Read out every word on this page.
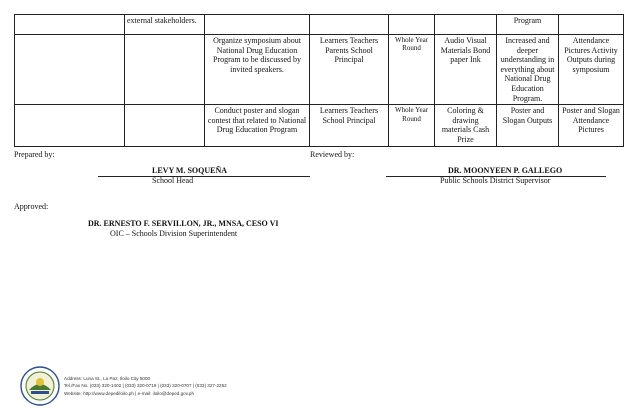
	external stakeholders.					Program	
		Organize symposium about National Drug Education Program to be discussed by invited speakers.	Learners Teachers Parents School Principal	Whole Year Round	Audio Visual Materials Bond paper Ink	Increased and deeper understanding in everything about National Drug Education Program.	Attendance Pictures Activity Outputs during symposium
		Conduct poster and slogan contest that related to National Drug Education Program	Learners Teachers School Principal	Whole Year Round	Coloring & drawing materials Cash Prize	Poster and Slogan Outputs	Poster and Slogan Attendance Pictures
Prepared by:
LEVY M. SOQUEÑA
School Head
Reviewed by:
DR. MOONYEEN P. GALLEGO
Public Schools District Supervisor
Approved:
DR. ERNESTO F. SERVILLON, JR., MNSA, CESO VI
OIC – Schools Division Superintendent
Address: Luna St., La Paz, Iloilo City 5000
Tel./Fax No. (033) 320-1402 | (033) 320-0719 | (033) 320-0707 | (033) 327-2252
Website: http://www.depediloilo.ph | e-mail: iloilo@deped.gov.ph
